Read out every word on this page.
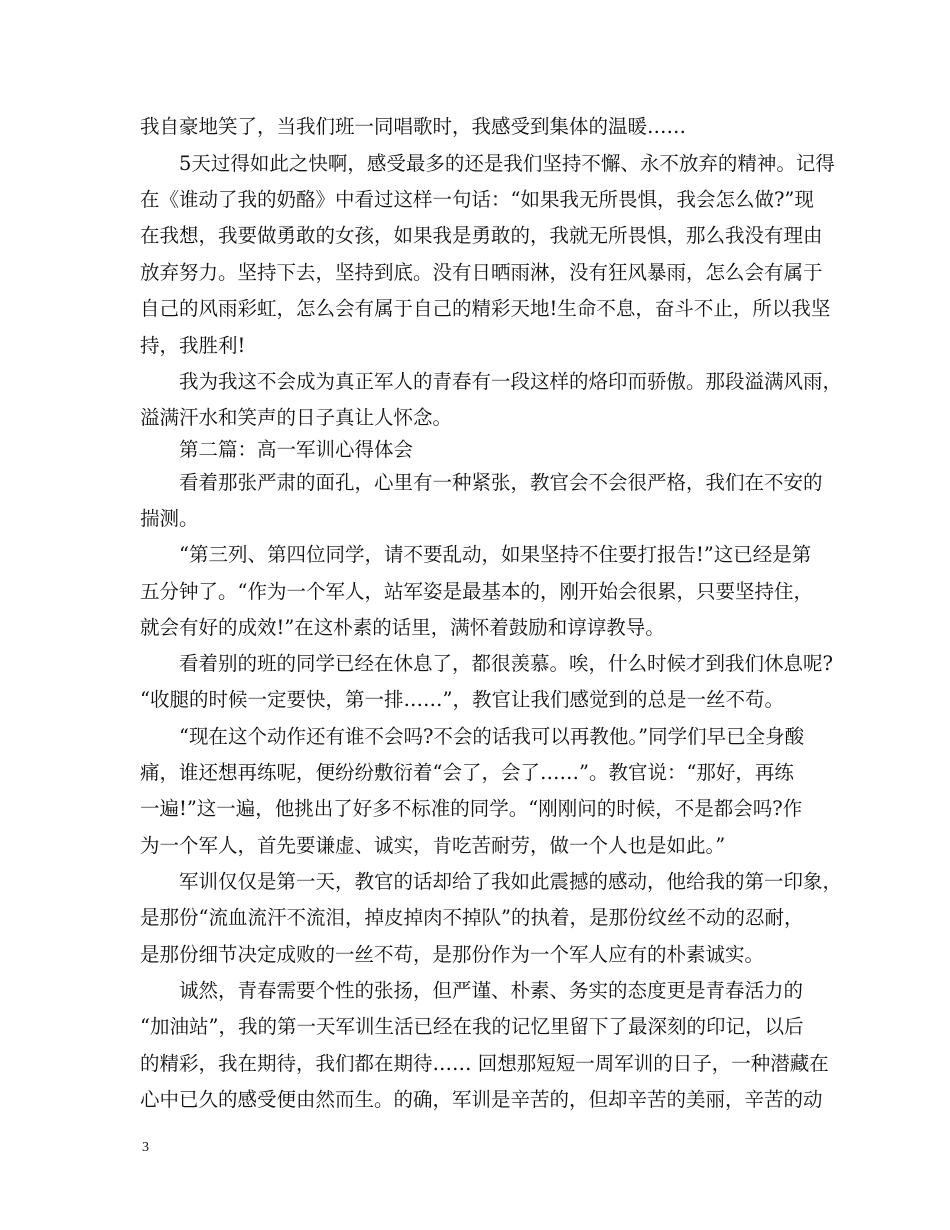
我自豪地笑了，当我们班一同唱歌时，我感受到集体的温暖……
　　5天过得如此之快啊，感受最多的还是我们坚持不懈、永不放弃的精神。记得
在《谁动了我的奶酪》中看过这样一句话：“如果我无所畏惧，我会怎么做?”现
在我想，我要做勇敢的女孩，如果我是勇敢的，我就无所畏惧，那么我没有理由
放弃努力。坚持下去，坚持到底。没有日晒雨淋，没有狂风暴雨，怎么会有属于
自己的风雨彩虹，怎么会有属于自己的精彩天地!生命不息，奋斗不止，所以我坚
持，我胜利!
　　我为我这不会成为真正军人的青春有一段这样的烙印而骄傲。那段溢满风雨，
溢满汗水和笑声的日子真让人怀念。
　　第二篇：高一军训心得体会
　　看着那张严肃的面孔，心里有一种紧张，教官会不会很严格，我们在不安的
揣测。
　　“第三列、第四位同学，请不要乱动，如果坚持不住要打报告!”这已经是第
五分钟了。“作为一个军人，站军姿是最基本的，刚开始会很累，只要坚持住，
就会有好的成效!”在这朴素的话里，满怀着鼓励和谆谆教导。
　　看着别的班的同学已经在休息了，都很羡慕。唉，什么时候才到我们休息呢?
“收腿的时候一定要快，第一排……”，教官让我们感觉到的总是一丝不苟。
　　“现在这个动作还有谁不会吗?不会的话我可以再教他。”同学们早已全身酸
痛，谁还想再练呢，便纷纷敷衍着“会了，会了……”。教官说：“那好，再练
一遍!”这一遍，他挑出了好多不标准的同学。“刚刚问的时候，不是都会吗?作
为一个军人，首先要谦虚、诚实，肯吃苦耐劳，做一个人也是如此。”
　　军训仅仅是第一天，教官的话却给了我如此震撼的感动，他给我的第一印象，
是那份“流血流汗不流泪，掉皮掉肉不掉队”的执着，是那份纹丝不动的忍耐，
是那份细节决定成败的一丝不苟，是那份作为一个军人应有的朴素诚实。
　　诚然，青春需要个性的张扬，但严谨、朴素、务实的态度更是青春活力的
“加油站”，我的第一天军训生活已经在我的记忆里留下了最深刻的印记，以后
的精彩，我在期待，我们都在期待…… 回想那短短一周军训的日子，一种潜藏在
心中已久的感受便由然而生。的确，军训是辛苦的，但却辛苦的美丽，辛苦的动
3
